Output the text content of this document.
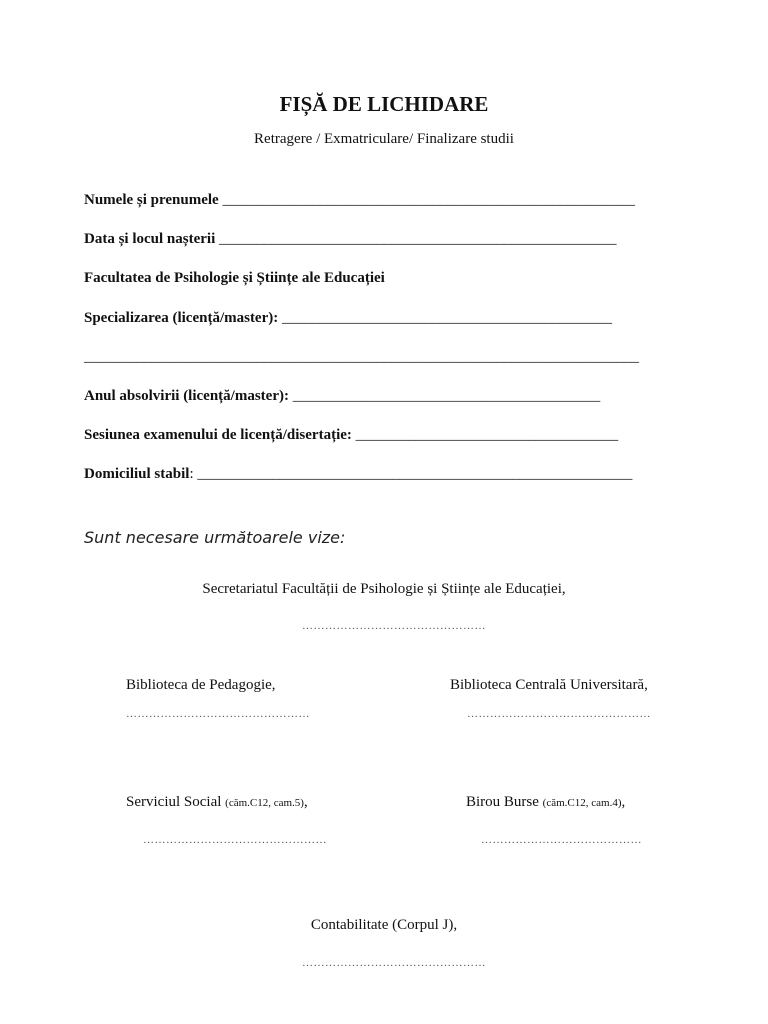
FIȘĂ DE LICHIDARE
Retragere / Exmatriculare/ Finalizare studii
Numele și prenumele _______________________________________________________
Data și locul nașterii _____________________________________________________
Facultatea de Psihologie și Științe ale Educației
Specializarea (licență/master): ____________________________________________
__________________________________________________________________________
Anul absolvirii (licență/master): _________________________________________
Sesiunea examenului de licență/disertație: ___________________________________
Domiciliul stabil: __________________________________________________________
Sunt necesare următoarele vize:
Secretariatul Facultății de Psihologie și Științe ale Educației,
…………………………………………
Biblioteca de Pedagogie,
…………………………………………
Biblioteca Centrală Universitară,
…………………………………………
Serviciul Social (căm.C12, cam.5),
…………………………………………
Birou Burse (căm.C12, cam.4),
……………………………………
Contabilitate (Corpul J),
…………………………………………
